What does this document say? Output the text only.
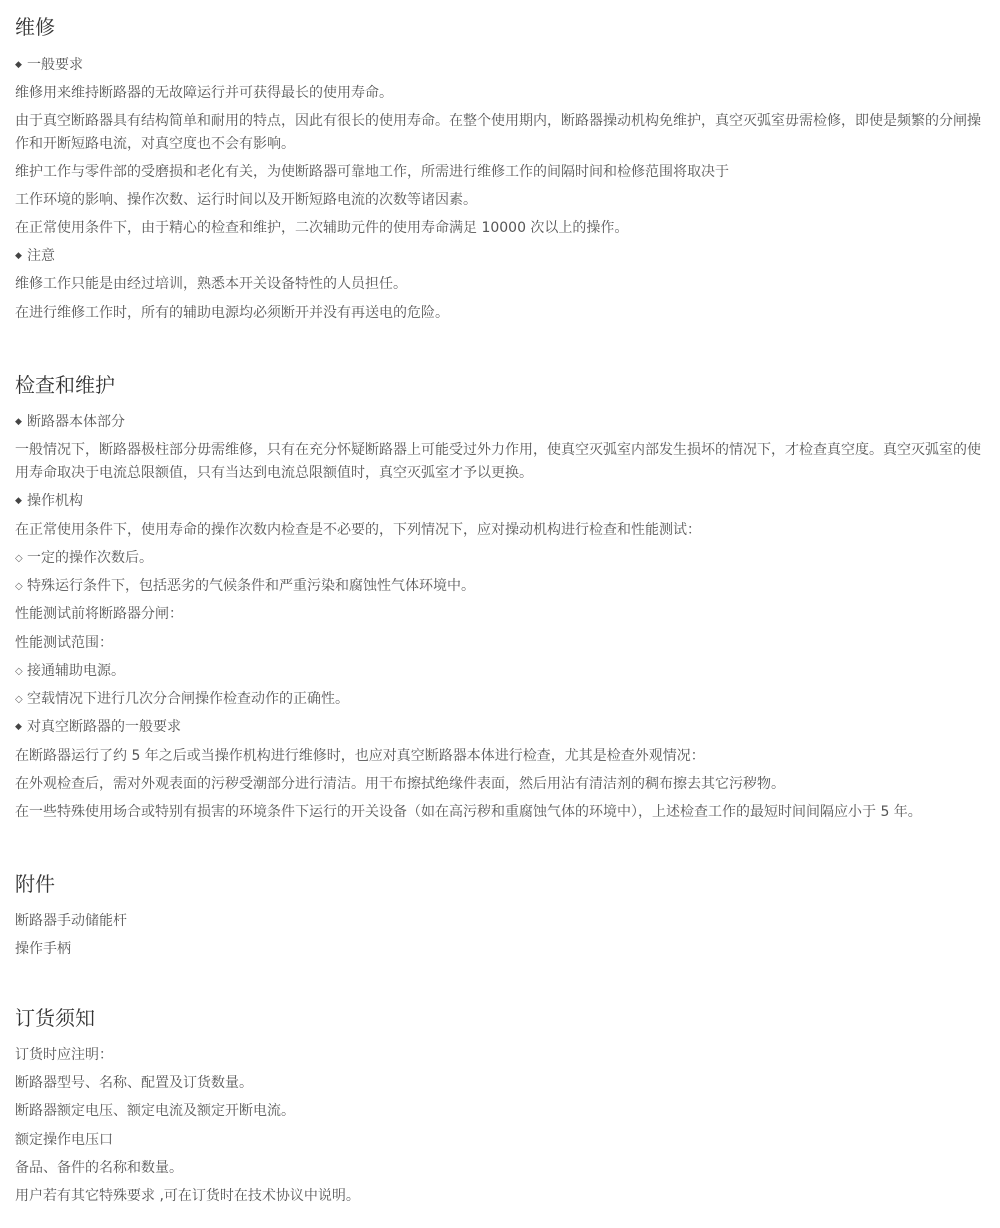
维修
◆ 一般要求
维修用来维持断路器的无故障运行并可获得最长的使用寿命。
由于真空断路器具有结构简单和耐用的特点，因此有很长的使用寿命。在整个使用期内，断路器操动机构免维护，真空灭弧室毋需检修，即使是频繁的分闸操作和开断短路电流，对真空度也不会有影响。
维护工作与零件部的受磨损和老化有关，为使断路器可靠地工作，所需进行维修工作的间隔时间和检修范围将取决于
工作环境的影响、操作次数、运行时间以及开断短路电流的次数等诸因素。
在正常使用条件下，由于精心的检查和维护，二次辅助元件的使用寿命满足 10000 次以上的操作。
◆ 注意
维修工作只能是由经过培训，熟悉本开关设备特性的人员担任。
在进行维修工作时，所有的辅助电源均必须断开并没有再送电的危险。
检查和维护
◆ 断路器本体部分
一般情况下，断路器极柱部分毋需维修，只有在充分怀疑断路器上可能受过外力作用，使真空灭弧室内部发生损坏的情况下，才检查真空度。真空灭弧室的使用寿命取决于电流总限额值，只有当达到电流总限额值时，真空灭弧室才予以更换。
◆ 操作机构
在正常使用条件下，使用寿命的操作次数内检查是不必要的，下列情况下，应对操动机构进行检查和性能测试：
◇ 一定的操作次数后。
◇ 特殊运行条件下，包括恶劣的气候条件和严重污染和腐蚀性气体环境中。
性能测试前将断路器分闸：
性能测试范围：
◇ 接通辅助电源。
◇ 空载情况下进行几次分合闸操作检查动作的正确性。
◆ 对真空断路器的一般要求
在断路器运行了约 5 年之后或当操作机构进行维修时，也应对真空断路器本体进行检查，尤其是检查外观情况：
在外观检查后，需对外观表面的污秽受潮部分进行清洁。用干布擦拭绝缘件表面，然后用沾有清洁剂的稠布擦去其它污秽物。
在一些特殊使用场合或特别有损害的环境条件下运行的开关设备（如在高污秽和重腐蚀气体的环境中），上述检查工作的最短时间间隔应小于 5 年。
附件
断路器手动储能杆
操作手柄
订货须知
订货时应注明：
断路器型号、名称、配置及订货数量。
断路器额定电压、额定电流及额定开断电流。
额定操作电压口
备品、备件的名称和数量。
用户若有其它特殊要求 ,可在订货时在技术协议中说明。
